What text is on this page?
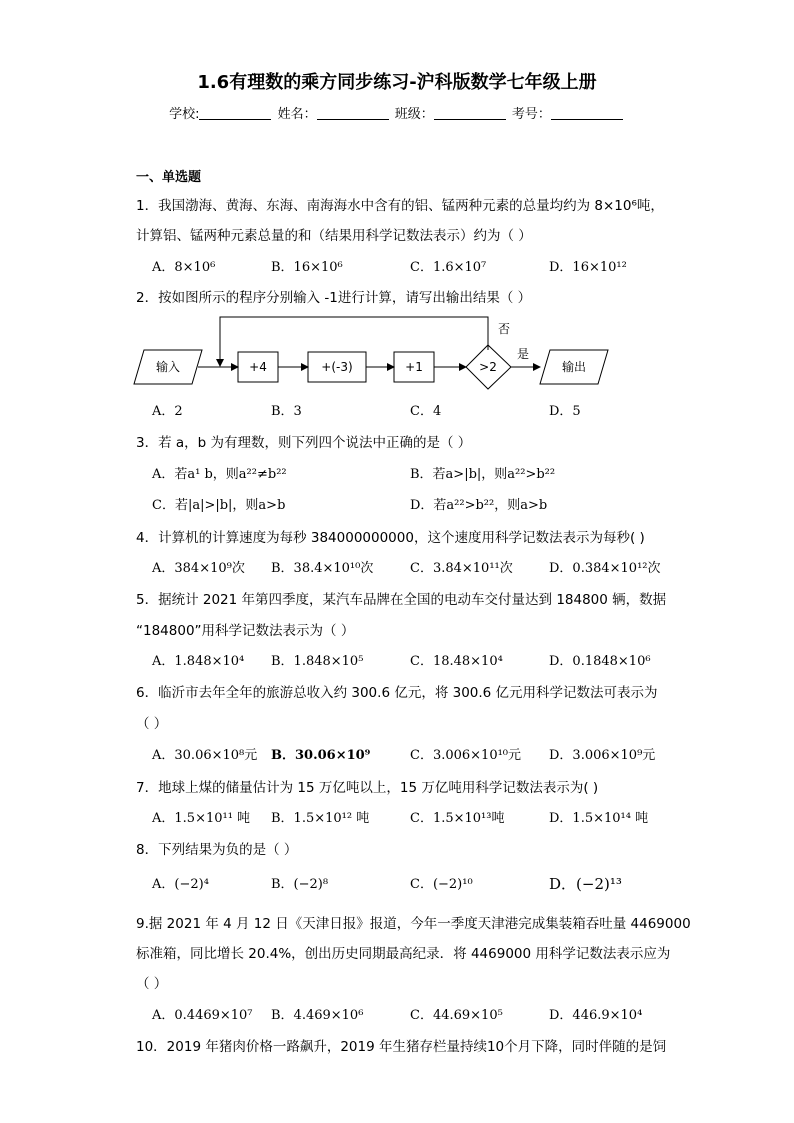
1.6有理数的乘方同步练习-沪科版数学七年级上册
学校:	姓名：	班级：	考号：
一、单选题
1．我国渤海、黄海、东海、南海海水中含有的铝、锰两种元素的总量均约为 8×10⁶吨，
计算铝、锰两种元素总量的和（结果用科学记数法表示）约为（ ）
A．8×10⁶	B．16×10⁶	C．1.6×10⁷	D．16×10¹²
2．按如图所示的程序分别输入 -1进行计算，请写出输出结果（ ）
输入	+4	+(-3)	+1	>2
否
是
输出
A．2	B．3	C．4	D．5
3．若 a，b 为有理数，则下列四个说法中正确的是（ ）
A．若a¹ b，则a²²≠b²²	B．若a>|b|，则a²²>b²²
C．若|a|>|b|，则a>b	D．若a²²>b²²，则a>b
4．计算机的计算速度为每秒 384000000000，这个速度用科学记数法表示为每秒( )
A．384×10⁹次 B．38.4×10¹⁰次	C．3.84×10¹¹次	D．0.384×10¹²次
5．据统计 2021 年第四季度，某汽车品牌在全国的电动车交付量达到 184800 辆，数据
“184800”用科学记数法表示为（ ）
A．1.848×10⁴ B．1.848×10⁵	C．18.48×10⁴	D．0.1848×10⁶
6．临沂市去年全年的旅游总收入约 300.6 亿元，将 300.6 亿元用科学记数法可表示为
（ ）
A．30.06×10⁸元 B．30.06×10⁹	C．3.006×10¹⁰元 D．3.006×10⁹元
7．地球上煤的储量估计为 15 万亿吨以上，15 万亿吨用科学记数法表示为( )
A．1.5×10¹¹ 吨 B．1.5×10¹² 吨	C．1.5×10¹³吨	D．1.5×10¹⁴ 吨
8．下列结果为负的是（ ）
A．(−2)⁴	B．(−2)⁸	C．(−2)¹⁰	D．(−2)¹³
9.据 2021 年 4 月 12 日《天津日报》报道，今年一季度天津港完成集装箱吞吐量 4469000
标准箱，同比增长 20.4%，创出历史同期最高纪录．将 4469000 用科学记数法表示应为
（ ）
A．0.4469×10⁷ B．4.469×10⁶	C．44.69×10⁵	D．446.9×10⁴
10．2019 年猪肉价格一路飙升，2019 年生猪存栏量持续10个月下降，同时伴随的是饲
